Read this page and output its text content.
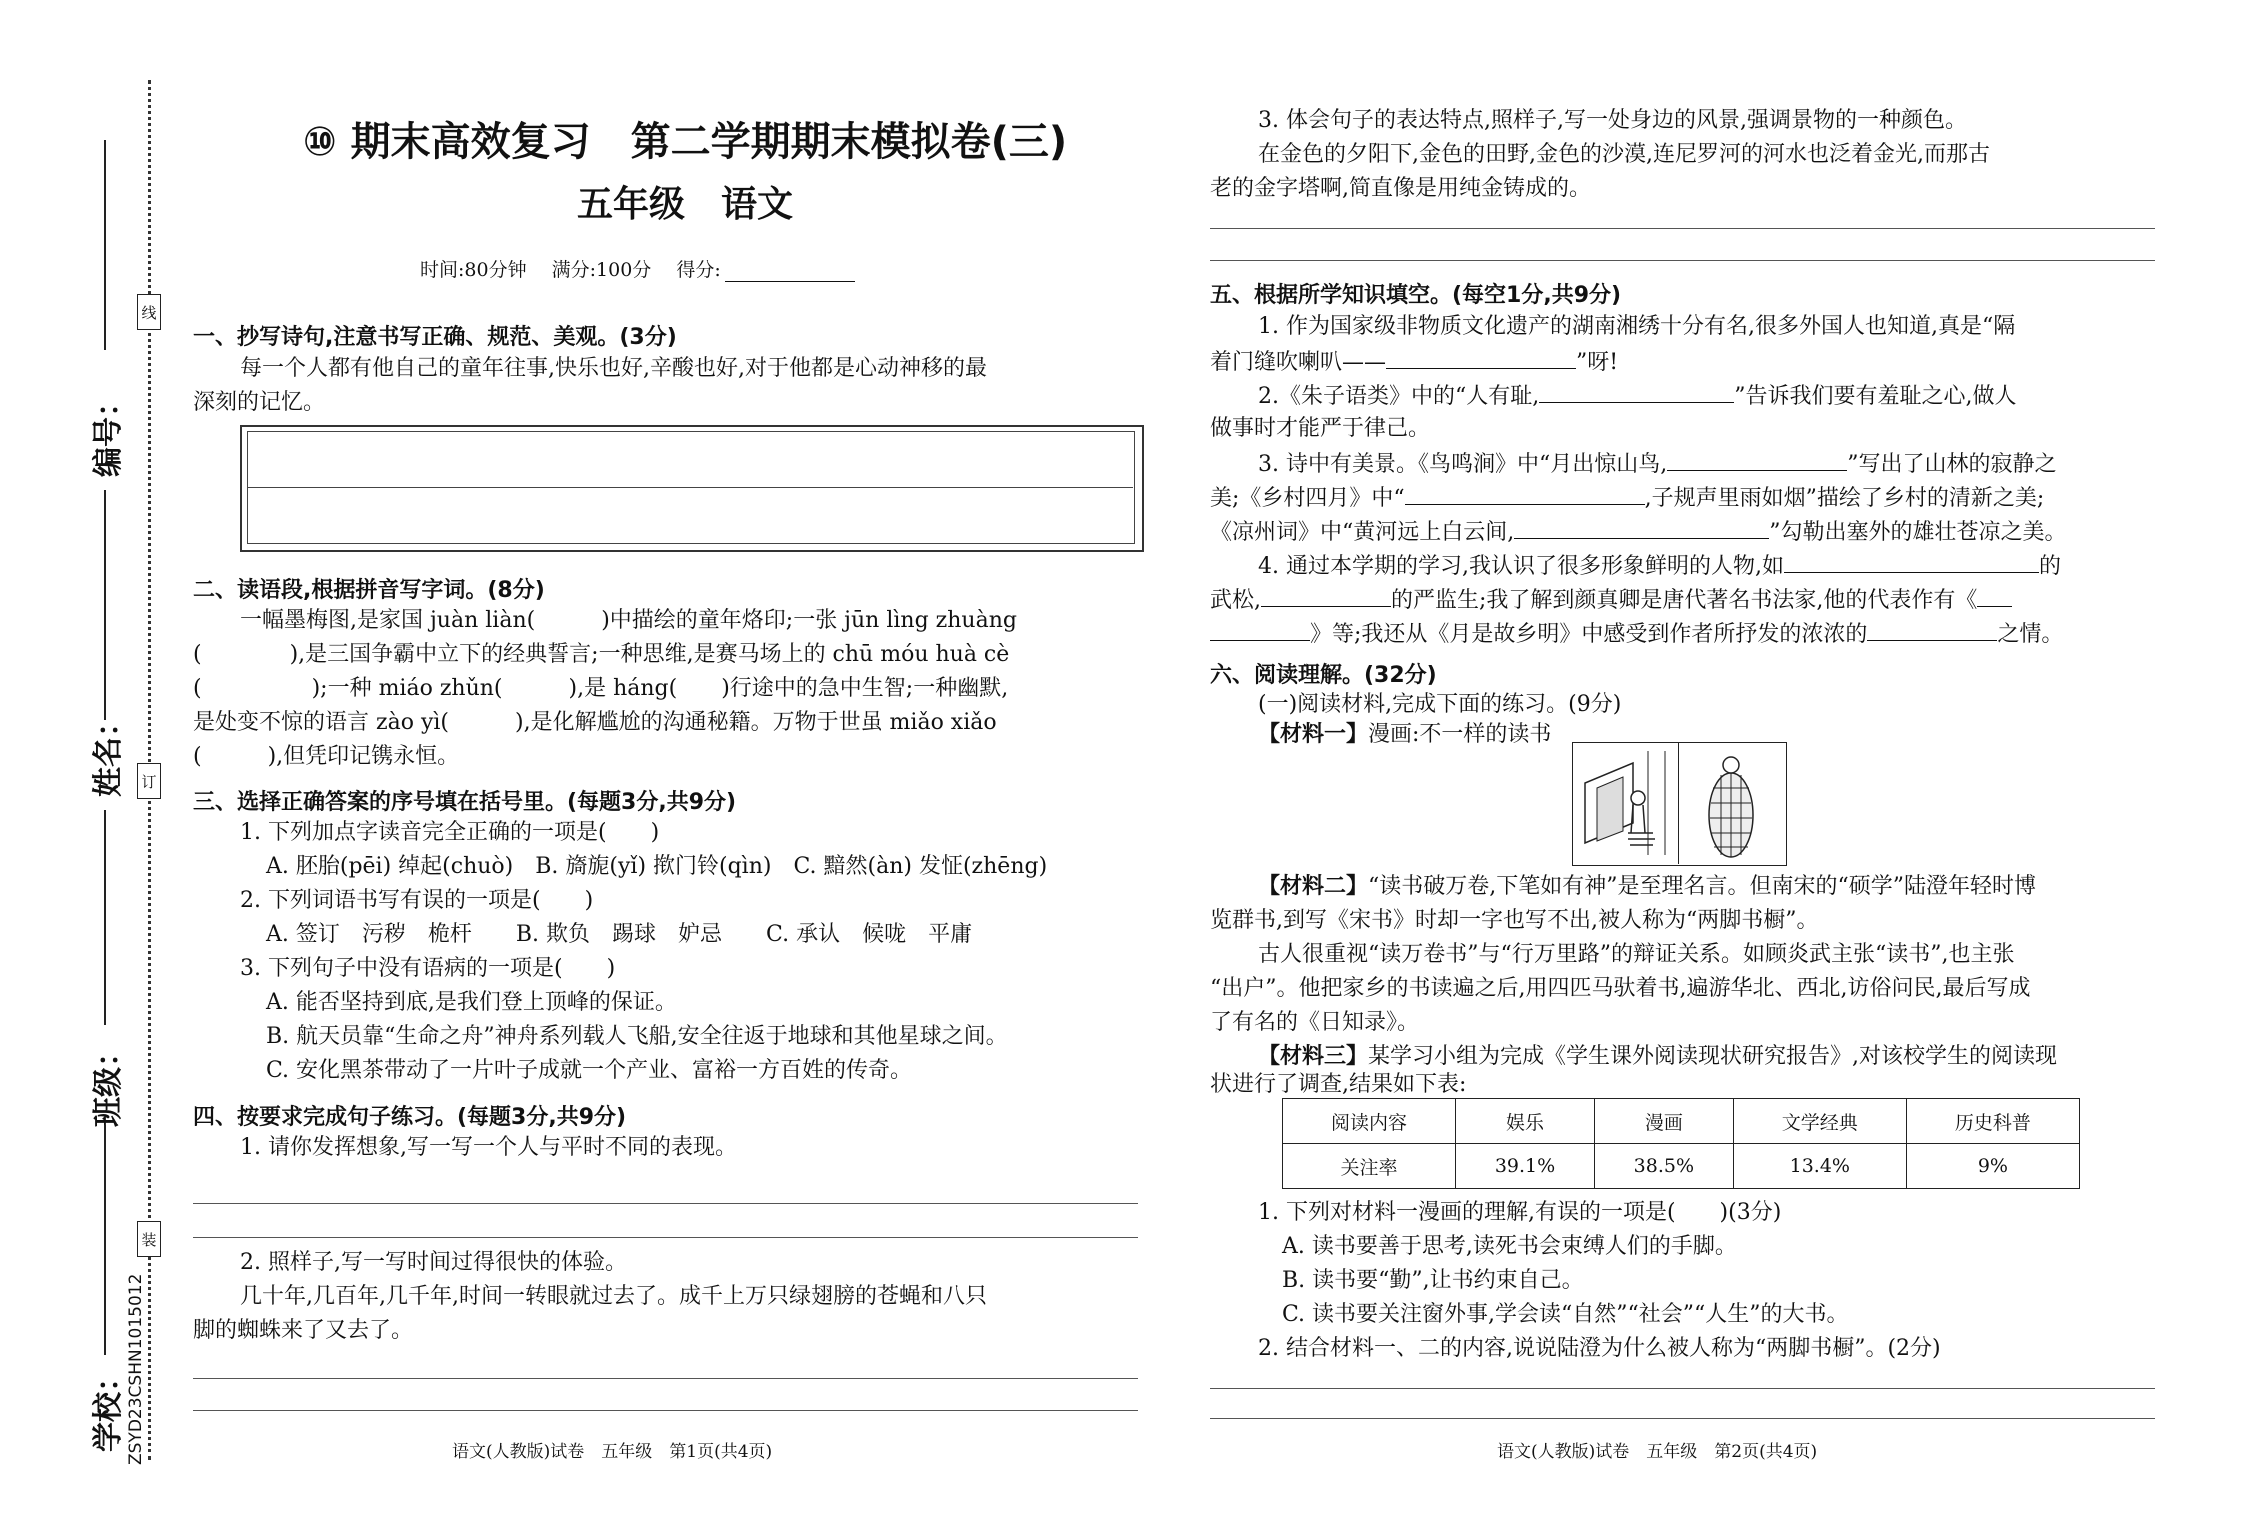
线
订
装
编号：
姓名：
班级：
学校： ZSYD23CSHN1015012
⑩ 期末高效复习　第二学期期末模拟卷(三)
五年级　语文
时间:80分钟　 满分:100分　 得分:
一、抄写诗句,注意书写正确、规范、美观。(3分)
每一个人都有他自己的童年往事,快乐也好,辛酸也好,对于他都是心动神移的最
深刻的记忆。
二、读语段,根据拼音写字词。(8分)
一幅墨梅图,是家国 juàn liàn(　　　)中描绘的童年烙印;一张 jūn lìng zhuàng
(　　　　),是三国争霸中立下的经典誓言;一种思维,是赛马场上的 chū móu huà cè
(　　　　　);一种 miáo zhǔn(　　　),是 háng(　　)行途中的急中生智;一种幽默,
是处变不惊的语言 zào yì(　　　),是化解尴尬的沟通秘籍。万物于世虽 miǎo xiǎo
(　　　),但凭印记镌永恒。
三、选择正确答案的序号填在括号里。(每题3分,共9分)
1. 下列加点字读音完全正确的一项是(　　)
A. 胚胎(pēi) 绰起(chuò)　B. 旖旎(yǐ) 揿门铃(qìn)　C. 黯然(àn) 发怔(zhēng)
2. 下列词语书写有误的一项是(　　)
A. 签订　污秽　桅杆　　B. 欺负　踢球　妒忌　　C. 承认　候咙　平庸
3. 下列句子中没有语病的一项是(　　)
A. 能否坚持到底,是我们登上顶峰的保证。
B. 航天员靠“生命之舟”神舟系列载人飞船,安全往返于地球和其他星球之间。
C. 安化黑茶带动了一片叶子成就一个产业、富裕一方百姓的传奇。
四、按要求完成句子练习。(每题3分,共9分)
1. 请你发挥想象,写一写一个人与平时不同的表现。
2. 照样子,写一写时间过得很快的体验。
几十年,几百年,几千年,时间一转眼就过去了。成千上万只绿翅膀的苍蝇和八只
脚的蜘蛛来了又去了。
语文(人教版)试卷　五年级　第1页(共4页)
3. 体会句子的表达特点,照样子,写一处身边的风景,强调景物的一种颜色。
在金色的夕阳下,金色的田野,金色的沙漠,连尼罗河的河水也泛着金光,而那古
老的金字塔啊,简直像是用纯金铸成的。
五、根据所学知识填空。(每空1分,共9分)
1. 作为国家级非物质文化遗产的湖南湘绣十分有名,很多外国人也知道,真是“隔
着门缝吹喇叭——	”呀!
2.《朱子语类》中的“人有耻,	”告诉我们要有羞耻之心,做人
做事时才能严于律己。
3. 诗中有美景。《鸟鸣涧》中“月出惊山鸟,	”写出了山林的寂静之
美;《乡村四月》中“	,子规声里雨如烟”描绘了乡村的清新之美;
《凉州词》中“黄河远上白云间,	”勾勒出塞外的雄壮苍凉之美。
4. 通过本学期的学习,我认识了很多形象鲜明的人物,如	的
武松,	的严监生;我了解到颜真卿是唐代著名书法家,他的代表作有《
》等;我还从《月是故乡明》中感受到作者所抒发的浓浓的	之情。
六、阅读理解。(32分)
(一)阅读材料,完成下面的练习。(9分)
【材料一】漫画:不一样的读书
【材料二】“读书破万卷,下笔如有神”是至理名言。但南宋的“硕学”陆澄年轻时博
览群书,到写《宋书》时却一字也写不出,被人称为“两脚书橱”。
古人很重视“读万卷书”与“行万里路”的辩证关系。如顾炎武主张“读书”,也主张
“出户”。他把家乡的书读遍之后,用四匹马驮着书,遍游华北、西北,访俗问民,最后写成
了有名的《日知录》。
【材料三】某学习小组为完成《学生课外阅读现状研究报告》,对该校学生的阅读现
状进行了调查,结果如下表:
阅读内容	娱乐	漫画	文学经典	历史科普
关注率	39.1%	38.5%	13.4%	9%
1. 下列对材料一漫画的理解,有误的一项是(　　)(3分)
A. 读书要善于思考,读死书会束缚人们的手脚。
B. 读书要“勤”,让书约束自己。
C. 读书要关注窗外事,学会读“自然”“社会”“人生”的大书。
2. 结合材料一、二的内容,说说陆澄为什么被人称为“两脚书橱”。(2分)
语文(人教版)试卷　五年级　第2页(共4页)
